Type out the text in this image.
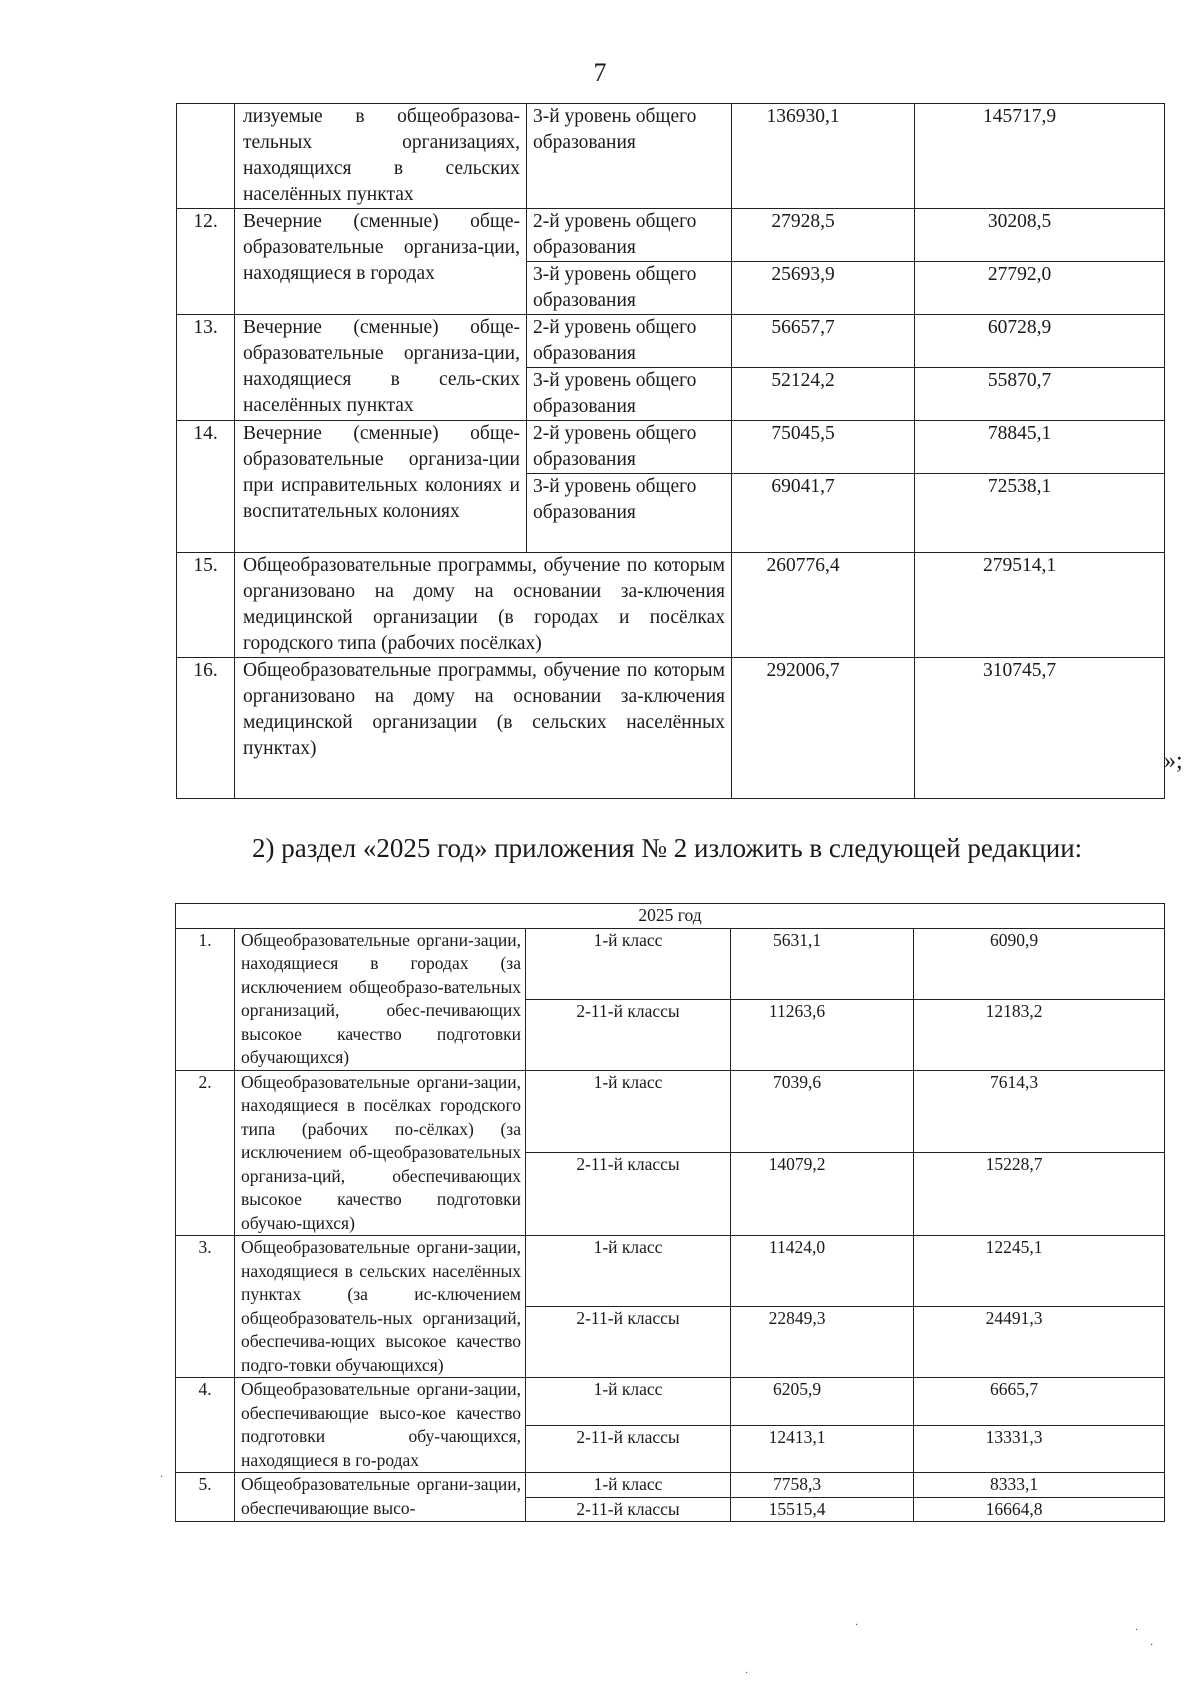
7
	лизуемые в общеобразова-тельных организациях, находящихся в сельских населённых пунктах	3-й уровень общего образования	136930,1	145717,9
12.	Вечерние (сменные) обще-образовательные организа-ции, находящиеся в городах	2-й уровень общего образования	27928,5	30208,5
		3-й уровень общего образования	25693,9	27792,0
13.	Вечерние (сменные) обще-образовательные организа-ции, находящиеся в сель-ских населённых пунктах	2-й уровень общего образования	56657,7	60728,9
		3-й уровень общего образования	52124,2	55870,7
14.	Вечерние (сменные) обще-образовательные организа-ции при исправительных колониях и воспитательных колониях	2-й уровень общего образования	75045,5	78845,1
		3-й уровень общего образования	69041,7	72538,1
15.	Общеобразовательные программы, обучение по которым организовано на дому на основании за-ключения медицинской организации (в городах и посёлках городского типа (рабочих посёлках)		260776,4	279514,1
16.	Общеобразовательные программы, обучение по которым организовано на дому на основании за-ключения медицинской организации (в сельских населённых пунктах)		292006,7	310745,7
»;
2) раздел «2025 год» приложения № 2 изложить в следующей редакции:
2025 год				
1.	Общеобразовательные органи-зации, находящиеся в городах (за исключением общеобразо-вательных организаций, обес-печивающих высокое качество подготовки обучающихся)	1-й класс	5631,1	6090,9
		2-11-й классы	11263,6	12183,2
2.	Общеобразовательные органи-зации, находящиеся в посёлках городского типа (рабочих по-сёлках) (за исключением об-щеобразовательных организа-ций, обеспечивающих высокое качество подготовки обучаю-щихся)	1-й класс	7039,6	7614,3
		2-11-й классы	14079,2	15228,7
3.	Общеобразовательные органи-зации, находящиеся в сельских населённых пунктах (за ис-ключением общеобразователь-ных организаций, обеспечива-ющих высокое качество подго-товки обучающихся)	1-й класс	11424,0	12245,1
		2-11-й классы	22849,3	24491,3
4.	Общеобразовательные органи-зации, обеспечивающие высо-кое качество подготовки обу-чающихся, находящиеся в го-родах	1-й класс	6205,9	6665,7
		2-11-й классы	12413,1	13331,3
5.	Общеобразовательные органи-зации, обеспечивающие высо-	1-й класс	7758,3	8333,1
		2-11-й классы	15515,4	16664,8
·
·	·
·
·
